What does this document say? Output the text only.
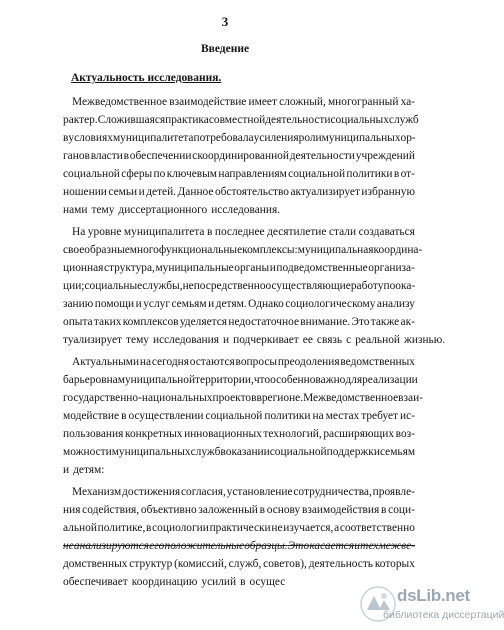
3
Введение
Актуальность исследования.
Межведомственное взаимодействие имеет сложный, многогранный ха-
рактер. Сложившаяся практика совместной деятельности социальных служб
в условиях муниципалитета потребовала усиления роли муниципальных ор-
ганов власти в обеспечении скоординированной деятельности учреждений
социальной сферы по ключевым направлениям социальной политики в от-
ношении семьи и детей. Данное обстоятельство актуализирует избранную
нами тему диссертационного исследования.
На уровне муниципалитета в последнее десятилетие стали создаваться
своеобразные многофункциональные комплексы: муниципальная координа-
ционная структура, муниципальные органы и подведомственные организа-
ции; социальные службы, непосредственно осуществляющие работу по ока-
занию помощи и услуг семьям и детям. Однако социологическому анализу
опыта таких комплексов уделяется недостаточное внимание. Это также ак-
туализирует тему исследования и подчеркивает ее связь с реальной жизнью.
Актуальными на сегодня остаются вопросы преодоления ведомственных
барьеров на муниципальной территории, что особенно важно для реализации
государственно-национальных проектов в регионе. Межведомственное взаи-
модействие в осуществлении социальной политики на местах требует ис-
пользования конкретных инновационных технологий, расширяющих воз-
можности муниципальных служб в оказании социальной поддержки семьям
и детям:
Механизм достижения согласия, установление сотрудничества, проявле-
ния содействия, объективно заложенный в основу взаимодействия в соци-
альной политике, в социологии практически не изучается, а соответственно
не анализируются его положительные образцы. Это касается и тех межве-
домственных структур (комиссий, служб, советов), деятельность которых
обеспечивает координацию усилий в осущес
dsLib.net
библиотека диссертаций
